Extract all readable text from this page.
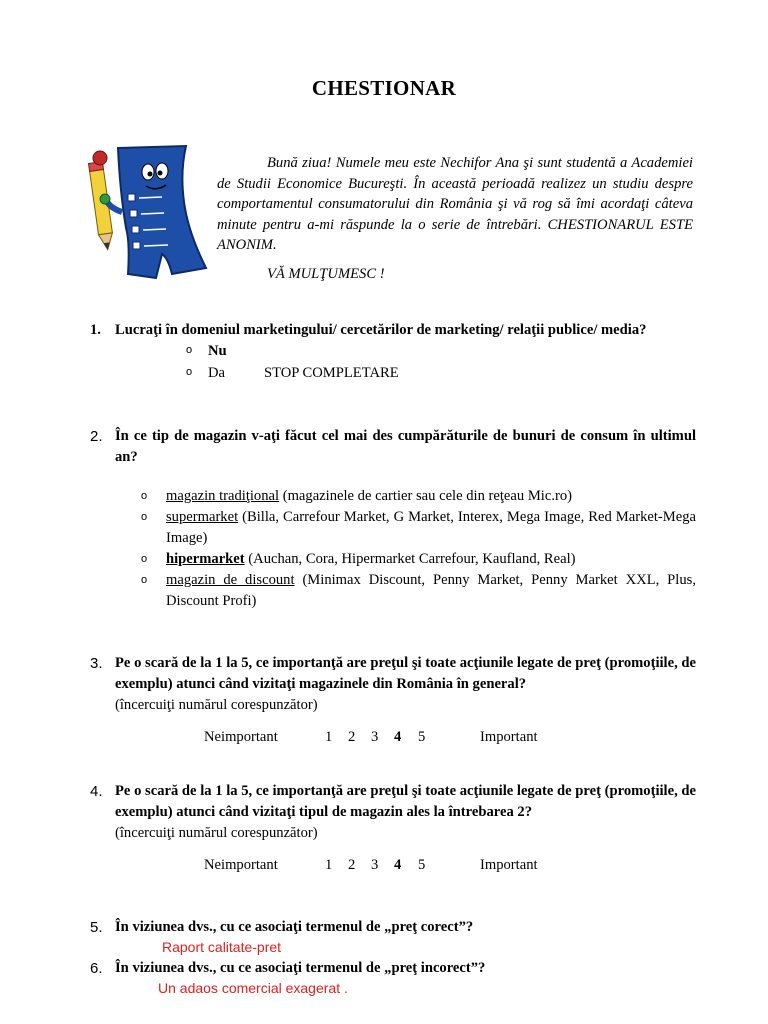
CHESTIONAR

Bună ziua! Numele meu este Nechifor Ana şi sunt studentă a Academiei de Studii Economice Bucureşti. În această perioadă realizez un studiu despre comportamentul consumatorului din România şi vă rog să îmi acordaţi câteva minute pentru a-mi răspunde la o serie de întrebări. CHESTIONARUL ESTE ANONIM.

VĂ MULŢUMESC !
1. Lucraţi în domeniul marketingului/ cercetărilor de marketing/ relaţii publice/ media?
o Nu
o Da	STOP COMPLETARE
2. În ce tip de magazin v-aţi făcut cel mai des cumpărăturile de bunuri de consum în ultimul an?
o magazin tradiţional (magazinele de cartier sau cele din reţeau Mic.ro)
o supermarket (Billa, Carrefour Market, G Market, Interex, Mega Image, Red Market-Mega Image)
o hipermarket (Auchan, Cora, Hipermarket Carrefour, Kaufland, Real)
o magazin de discount (Minimax Discount, Penny Market, Penny Market XXL, Plus, Discount Profi)
3. Pe o scară de la 1 la 5, ce importanţă are preţul şi toate acţiunile legate de preţ (promoţiile, de exemplu) atunci când vizitaţi magazinele din România în general?
(încercuiţi numărul corespunzător)
Neimportant	1 2 3 4 5	Important
4. Pe o scară de la 1 la 5, ce importanţă are preţul şi toate acţiunile legate de preţ (promoţiile, de exemplu) atunci când vizitaţi tipul de magazin ales la întrebarea 2?
(încercuiţi numărul corespunzător)
Neimportant	1 2 3 4 5	Important
5. În viziunea dvs., cu ce asociaţi termenul de „preţ corect”?
Raport calitate-pret
6. În viziunea dvs., cu ce asociaţi termenul de „preţ incorect”?
Un adaos comercial exagerat .
